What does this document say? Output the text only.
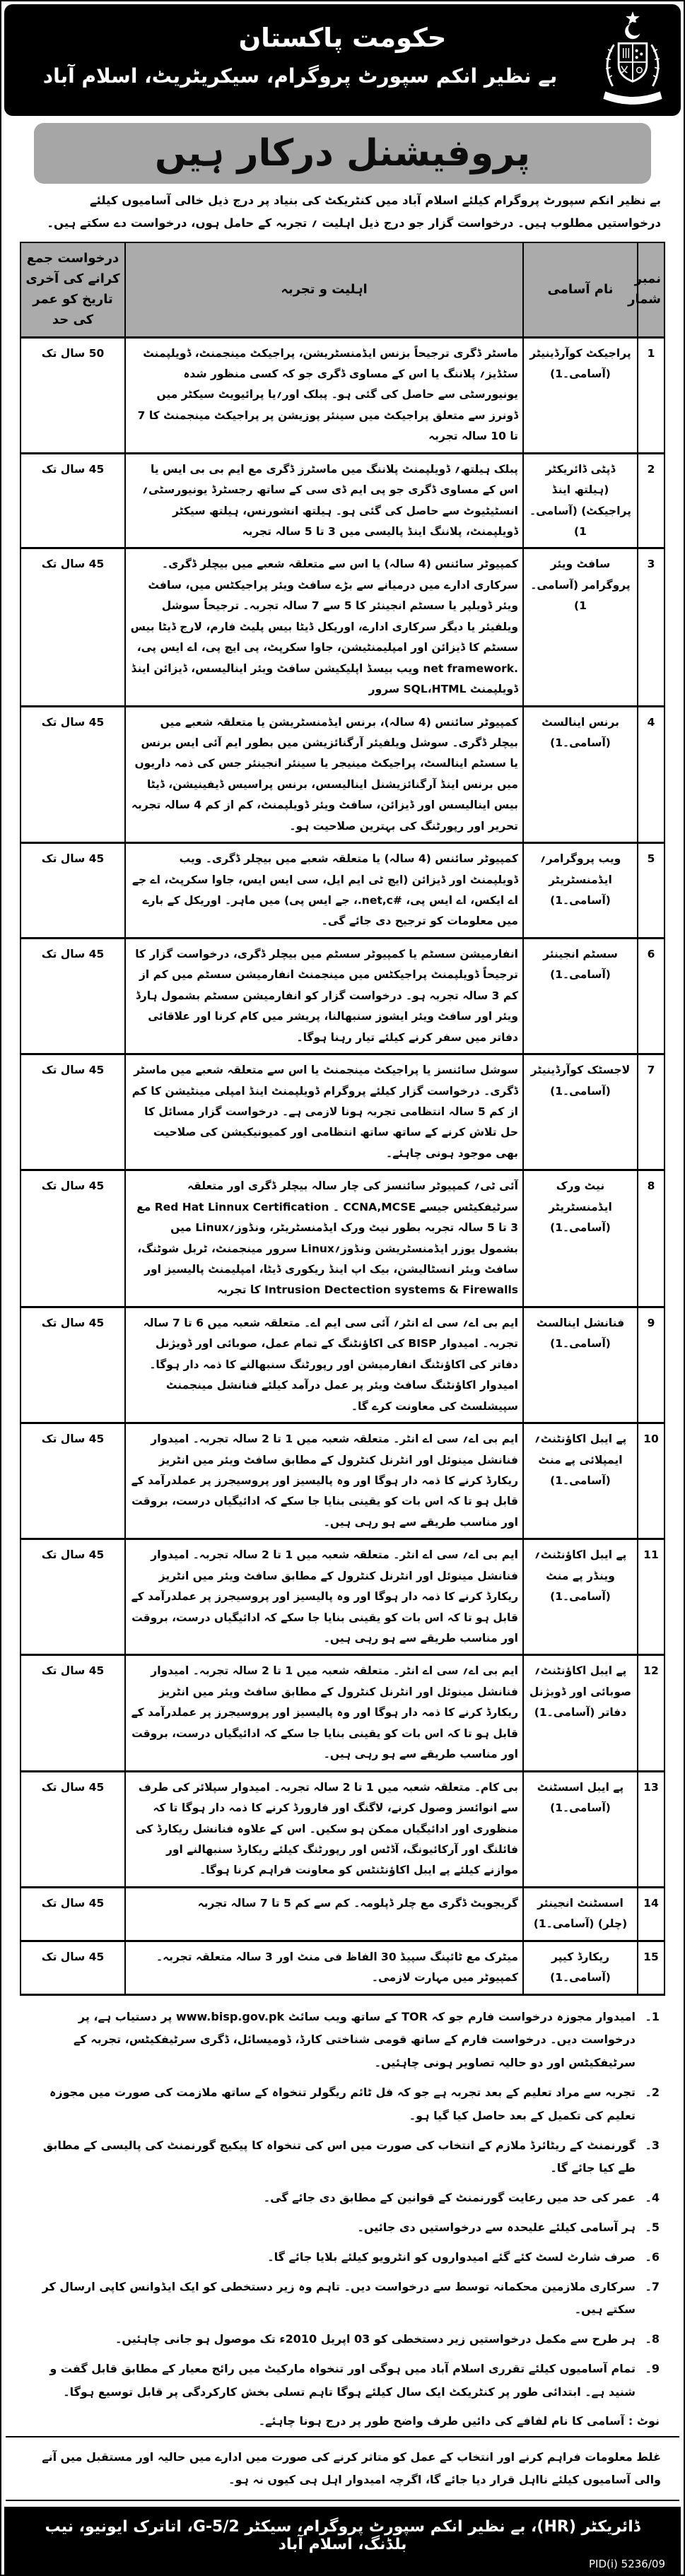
حکومت پاکستان
بے نظیر انکم سپورٹ پروگرام، سیکریٹریٹ، اسلام آباد
پروفیشنل درکار ہیں

بے نظیر انکم سپورٹ پروگرام کیلئے اسلام آباد میں کنٹریکٹ کی بنیاد پر درج ذیل خالی آسامیوں کیلئے درخواستیں مطلوب ہیں۔ درخواست گزار جو درج ذیل اہلیت ؍ تجربہ کے حامل ہوں، درخواست دے سکتے ہیں۔

نمبر شمار	نام آسامی	اہلیت و تجربہ	درخواست جمع کرانے کی آخری تاریخ کو عمر کی حد
1	پراجیکٹ کوآرڈینیٹر (آسامی۔1)	ماسٹر ڈگری ترجیحاً بزنس ایڈمنسٹریشن، پراجیکٹ مینجمنٹ، ڈویلپمنٹ سٹڈیز؍ پلاننگ یا اس کے مساوی ڈگری جو کہ کسی منظور شدہ یونیورسٹی سے حاصل کی گئی ہو۔ پبلک اور؍یا پرائیویٹ سیکٹر میں ڈونرز سے متعلق پراجیکٹ میں سینئر پوزیشن پر پراجیکٹ مینجمنٹ کا 7 تا 10 سالہ تجربہ	50 سال تک
2	ڈپٹی ڈائریکٹر (ہیلتھ اینڈ پراجیکٹ) (آسامی۔1)	پبلک ہیلتھ؍ ڈویلپمنٹ پلاننگ میں ماسٹرز ڈگری مع ایم بی بی ایس یا اس کے مساوی ڈگری جو پی ایم ڈی سی کے ساتھ رجسٹرڈ یونیورسٹی؍ انسٹیٹیوٹ سے حاصل کی گئی ہو۔ ہیلتھ انشورنس، ہیلتھ سیکٹر ڈویلپمنٹ، پلاننگ اینڈ پالیسی میں 3 تا 5 سالہ تجربہ	45 سال تک
3	سافٹ ویئر پروگرامر (آسامی۔1)	کمپیوٹر سائنس (4 سالہ) یا اس سے متعلقہ شعبے میں بیچلر ڈگری۔ سرکاری ادارے میں درمیانے سے بڑے سافٹ ویئر پراجیکٹس میں، سافٹ ویئر ڈویلپر یا سسٹم انجینئر کا 5 سے 7 سالہ تجربہ۔ ترجیحاً سوشل ویلفیئر یا دیگر سرکاری ادارے، اوریکل ڈیٹا بیس پلیٹ فارم، لارج ڈیٹا بیس سسٹم کا ڈیزائن اور امپلیمنٹیشن، جاوا سکرپٹ، پی ایچ پی، اے ایس پی، .net framework ویب بیسڈ اپلیکیشن سافٹ ویئر اینالیسس، ڈیزائن اینڈ ڈویلپمنٹ SQL،HTML سرور	45 سال تک
4	برنس اینالسٹ (آسامی۔1)	کمپیوٹر سائنس (4 سالہ)، برنس ایڈمنسٹریشن یا متعلقہ شعبے میں بیچلر ڈگری۔ سوشل ویلفیئر آرگنائزیشن میں بطور ایم آئی ایس برنس یا سسٹم اینالسٹ، پراجیکٹ مینیجر یا سینئر انجینئر جس کی ذمہ داریوں میں برنس اینڈ آرگنائزیشنل اینالیسس، برنس پراسیس ڈیفینیشن، ڈیٹا بیس اینالیسس اور ڈیزائن، سافٹ ویئر ڈویلپمنٹ، کم از کم 4 سالہ تجربہ تحریر اور رپورٹنگ کی بہترین صلاحیت ہو۔	45 سال تک
5	ویب پروگرامر؍ ایڈمنسٹریٹر (آسامی۔1)	کمپیوٹر سائنس (4 سالہ) یا متعلقہ شعبے میں بیچلر ڈگری۔ ویب ڈویلپمنٹ اور ڈیزائن (ایچ ٹی ایم ایل، سی ایس ایس، جاوا سکرپٹ، اے جے اے ایکس، اے ایس پی، ‎.net,c#‎، جے ایس پی) میں ماہر۔ اوریکل کے بارے میں معلومات کو ترجیح دی جائے گی۔	45 سال تک
6	سسٹم انجینئر (آسامی۔1)	انفارمیشن سسٹم یا کمپیوٹر سسٹم میں بیچلر ڈگری، درخواست گزار کا ترجیحاً ڈویلپمنٹ پراجیکٹس میں مینجمنٹ انفارمیشن سسٹم میں کم از کم 3 سالہ تجربہ ہو۔ درخواست گزار کو انفارمیشن سسٹم بشمول ہارڈ ویئر اور سافٹ ویئر ایشوز سنبھالنا، پریشر میں کام کرنا اور علاقائی دفاتر میں سفر کرنے کیلئے تیار رہنا ہوگا۔	45 سال تک
7	لاجسٹک کوآرڈینیٹر (آسامی۔1)	سوشل سائنسز یا پراجیکٹ مینجمنٹ یا اس سے متعلقہ شعبے میں ماسٹر ڈگری۔ درخواست گزار کیلئے پروگرام ڈویلپمنٹ اینڈ امپلی مینٹیشن کا کم از کم 5 سالہ انتظامی تجربہ ہونا لازمی ہے۔ درخواست گزار مسائل کا حل تلاش کرنے کے ساتھ ساتھ انتظامی اور کمیونیکیشن کی صلاحیت بھی موجود ہونی چاہئے۔	45 سال تک
8	نیٹ ورک ایڈمنسٹریٹر (آسامی۔1)	آئی ٹی؍ کمپیوٹر سائنسز کی چار سالہ بیچلر ڈگری اور متعلقہ سرٹیفکیٹس جیسے CCNA,MCSE ۔ Red Hat Linnux Certification مع 3 تا 5 سالہ تجربہ بطور نیٹ ورک ایڈمنسٹریٹر، ونڈوز؍Linux میں بشمول یوزر ایڈمنسٹریشن ونڈوز؍Linux سرور مینجمنٹ، ٹربل شوٹنگ، سافٹ ویئر انسٹالیشن، بیک اپ اینڈ ریکوری ڈیٹا، امپلیمنٹ پالیسیز اور Intrusion Dectection systems & Firewalls کا تجربہ	45 سال تک
9	فنانشل اینالسٹ (آسامی۔1)	ایم بی اے؍ سی اے انٹر؍ آئی سی ایم اے۔ متعلقہ شعبہ میں 6 تا 7 سالہ تجربہ۔ امیدوار BISP کی اکاؤنٹنگ کے تمام عمل، صوبائی اور ڈویژنل دفاتر کی اکاؤنٹنگ انفارمیشن اور رپورٹنگ سنبھالنے کا ذمہ دار ہوگا۔ امیدوار اکاؤنٹنگ سافٹ ویئر پر عمل درآمد کیلئے فنانشل مینجمنٹ سپیشلسٹ کی معاونت کرے گا۔	45 سال تک
10	پے ایبل اکاؤنٹنٹ؍ ایمپلائی پے منٹ (آسامی۔1)	ایم بی اے؍ سی اے انٹر۔ متعلقہ شعبہ میں 1 تا 2 سالہ تجربہ۔ امیدوار فنانشل مینوئل اور انٹرنل کنٹرول کے مطابق سافٹ ویئر میں انٹریز ریکارڈ کرنے کا ذمہ دار ہوگا اور وہ پالیسیز اور پروسیجرز پر عملدرآمد کے قابل ہو تا کہ اس بات کو یقینی بنایا جا سکے کہ ادائیگیاں درست، بروقت اور مناسب طریقے سے ہو رہی ہیں۔	45 سال تک
11	پے ایبل اکاؤنٹنٹ؍ وینڈر پے منٹ (آسامی۔1)	ایم بی اے؍ سی اے انٹر۔ متعلقہ شعبہ میں 1 تا 2 سالہ تجربہ۔ امیدوار فنانشل مینوئل اور انٹرنل کنٹرول کے مطابق سافٹ ویئر میں انٹریز ریکارڈ کرنے کا ذمہ دار ہوگا اور وہ پالیسیز اور پروسیجرز پر عملدرآمد کے قابل ہو تا کہ اس بات کو یقینی بنایا جا سکے کہ ادائیگیاں درست، بروقت اور مناسب طریقے سے ہو رہی ہیں۔	45 سال تک
12	پے ایبل اکاؤنٹنٹ؍ صوبائی اور ڈویژنل دفاتر (آسامی۔1)	ایم بی اے؍ سی اے انٹر۔ متعلقہ شعبہ میں 1 تا 2 سالہ تجربہ۔ امیدوار فنانشل مینوئل اور انٹرنل کنٹرول کے مطابق سافٹ ویئر میں انٹریز ریکارڈ کرنے کا ذمہ دار ہوگا اور وہ پالیسیز اور پروسیجرز پر عملدرآمد کے قابل ہو تا کہ اس بات کو یقینی بنایا جا سکے کہ ادائیگیاں درست، بروقت اور مناسب طریقے سے ہو رہی ہیں۔	45 سال تک
13	پے ایبل اسسٹنٹ (آسامی۔1)	بی کام۔ متعلقہ شعبہ میں 1 تا 2 سالہ تجربہ۔ امیدوار سپلائر کی طرف سے انوائسز وصول کرنے، لاگنگ اور فارورڈ کرنے کا ذمہ دار ہوگا تا کہ منظوری اور ادائیگیاں ممکن ہو سکیں۔ اس کے علاوہ فنانشل ریکارڈ کی فائلنگ اور آرکائیونگ، آڈٹس اور رپورٹنگ کیلئے ریکارڈ سنبھالنے اور موازنے کیلئے پے ایبل اکاؤنٹنٹس کو معاونت فراہم کرنا ہوگا۔	45 سال تک
14	اسسٹنٹ انجینئر (چلر) (آسامی۔1)	گریجویٹ ڈگری مع چلر ڈپلومہ۔ کم سے کم 5 تا 7 سالہ تجربہ	45 سال تک
15	ریکارڈ کیپر (آسامی۔1)	میٹرک مع ٹائپنگ سپیڈ 30 الفاظ فی منٹ اور 3 سالہ متعلقہ تجربہ۔ کمپیوٹر میں مہارت لازمی۔	45 سال تک
1۔
امیدوار مجوزہ درخواست فارم جو کہ TOR کے ساتھ ویب سائٹ www.bisp.gov.pk پر دستیاب ہے، پر درخواست دیں۔ درخواست فارم کے ساتھ قومی شناختی کارڈ، ڈومیسائل، ڈگری سرٹیفکیٹس، تجربہ کے سرٹیفکیٹس اور دو حالیہ تصاویر ہونی چاہئیں۔
2۔
تجربہ سے مراد تعلیم کے بعد تجربہ ہے جو کہ فل ٹائم ریگولر تنخواہ کے ساتھ ملازمت کی صورت میں مجوزہ تعلیم کی تکمیل کے بعد حاصل کیا گیا ہو۔
3۔
گورنمنٹ کے ریٹائرڈ ملازم کے انتخاب کی صورت میں اس کی تنخواہ کا پیکیج گورنمنٹ کی پالیسی کے مطابق طے کیا جائے گا۔
4۔
عمر کی حد میں رعایت گورنمنٹ کے قوانین کے مطابق دی جائے گی۔
5۔
ہر آسامی کیلئے علیحدہ سے درخواستیں دی جائیں۔
6۔
صرف شارٹ لسٹ کئے گئے امیدواروں کو انٹرویو کیلئے بلایا جائے گا۔
7۔
سرکاری ملازمین محکمانہ توسط سے درخواست دیں۔ تاہم وہ زیر دستخطی کو ایک ایڈوانس کاپی ارسال کر سکتے ہیں۔
8۔
ہر طرح سے مکمل درخواستیں زیر دستخطی کو 03 اپریل 2010ء تک موصول ہو جانی چاہئیں۔
9۔
تمام آسامیوں کیلئے تقرری اسلام آباد میں ہوگی اور تنخواہ مارکیٹ میں رائج معیار کے مطابق قابل گفت و شنید ہے۔ ابتدائی طور پر کنٹریکٹ ایک سال کیلئے ہوگا تاہم تسلی بخش کارکردگی پر قابل توسیع ہوگا۔

نوٹ : آسامی کا نام لفافے کی دائیں طرف واضح طور پر درج ہونا چاہئے۔

غلط معلومات فراہم کرنے اور انتخاب کے عمل کو متاثر کرنے کی صورت میں ادارے میں حالیہ اور مستقبل میں آنے والی آسامیوں کیلئے نااہل قرار دیا جائے گا، اگرچہ امیدوار اہل ہی کیوں نہ ہو۔
ڈائریکٹر (HR)، بے نظیر انکم سپورٹ پروگرام، سیکٹر G-5/2، اتاترک ایونیو، نیب بلڈنگ، اسلام آباد
PID(i) 5236/09
